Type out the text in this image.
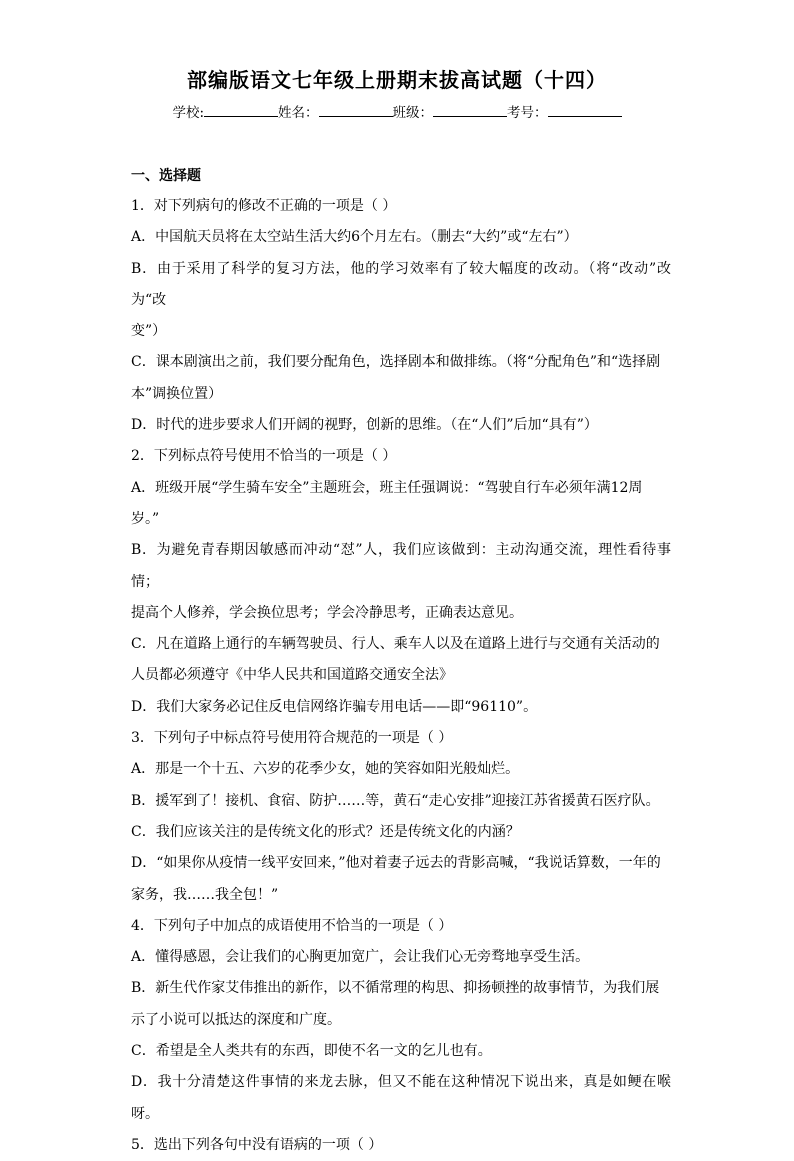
部编版语文七年级上册期末拔高试题（十四）
学校:	姓名：	班级：	考号：

一、选择题

1．对下列病句的修改不正确的一项是（ ）

A．中国航天员将在太空站生活大约6个月左右。（删去“大约”或“左右”）

B．由于采用了科学的复习方法，他的学习效率有了较大幅度的改动。（将“改动”改为“改
变”）

C．课本剧演出之前，我们要分配角色，选择剧本和做排练。（将“分配角色”和“选择剧
本”调换位置）

D．时代的进步要求人们开阔的视野，创新的思维。（在“人们”后加“具有”）

2．下列标点符号使用不恰当的一项是（ ）

A．班级开展“学生骑车安全”主题班会，班主任强调说：“驾驶自行车必须年满12周
岁。”

B．为避免青春期因敏感而冲动“怼”人，我们应该做到：主动沟通交流，理性看待事情；
提高个人修养，学会换位思考；学会冷静思考，正确表达意见。

C．凡在道路上通行的车辆驾驶员、行人、乘车人以及在道路上进行与交通有关活动的
人员都必须遵守《中华人民共和国道路交通安全法》

D．我们大家务必记住反电信网络诈骗专用电话——即“96110”。

3．下列句子中标点符号使用符合规范的一项是（ ）

A．那是一个十五、六岁的花季少女，她的笑容如阳光般灿烂。

B．援军到了！接机、食宿、防护……等，黄石“走心安排”迎接江苏省援黄石医疗队。

C．我们应该关注的是传统文化的形式？还是传统文化的内涵？

D．“如果你从疫情一线平安回来，”他对着妻子远去的背影高喊，“我说话算数，一年的
家务，我……我全包！”

4．下列句子中加点的成语使用不恰当的一项是（ ）

A．懂得感恩，会让我们的心胸更加宽广，会让我们心无旁骛地享受生活。

B．新生代作家艾伟推出的新作，以不循常理的构思、抑扬顿挫的故事情节，为我们展
示了小说可以抵达的深度和广度。

C．希望是全人类共有的东西，即使不名一文的乞儿也有。

D．我十分清楚这件事情的来龙去脉，但又不能在这种情况下说出来，真是如鲠在喉呀。

5．选出下列各句中没有语病的一项（ ）
